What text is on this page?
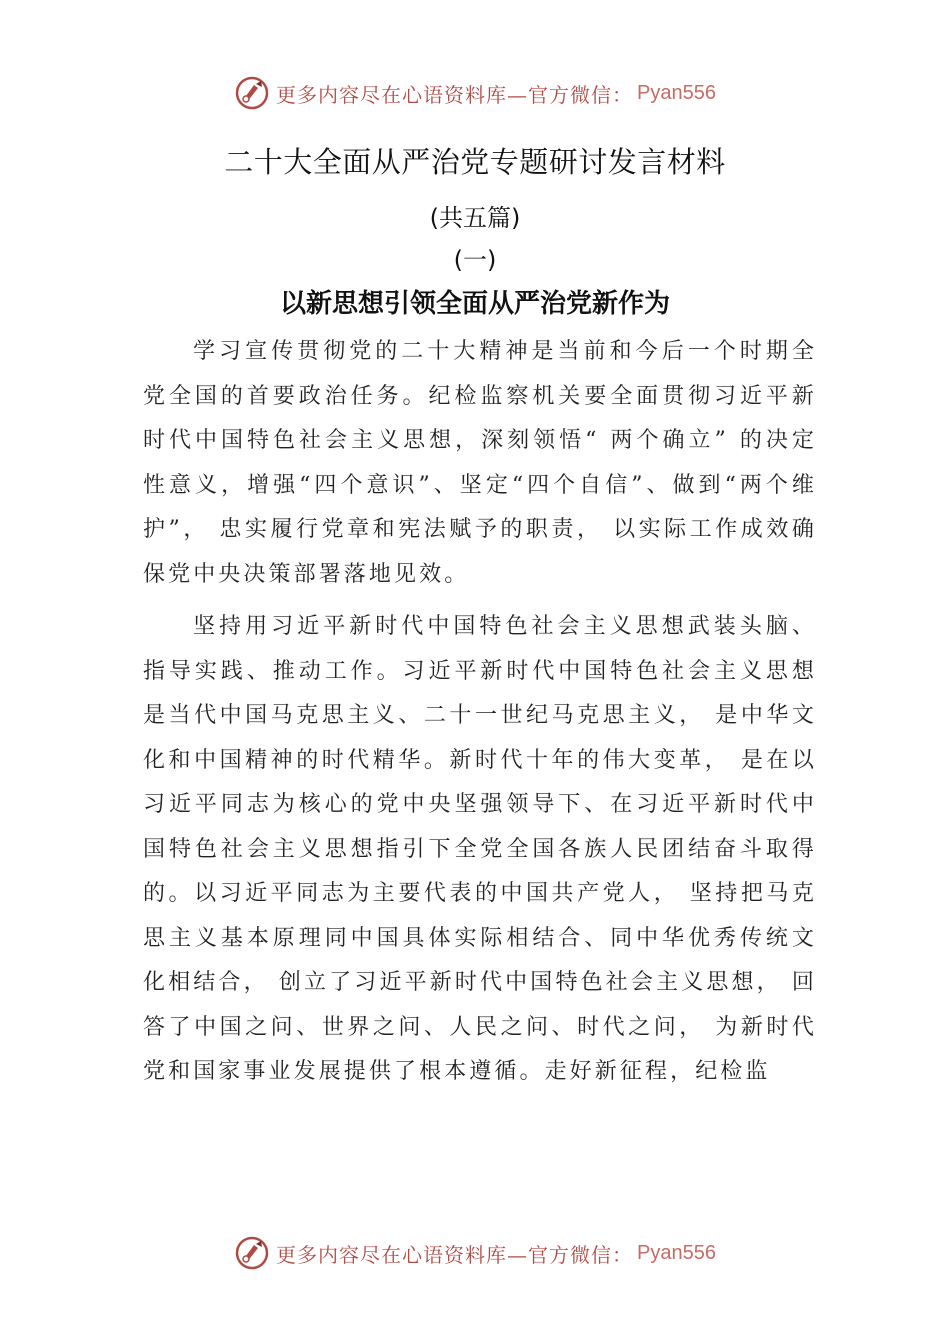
更多内容尽在心语资料库—官方微信： Pyan556
二十大全面从严治党专题研讨发言材料
(共五篇)
(一)
以新思想引领全面从严治党新作为

学习宣传贯彻党的二十大精神是当前和今后一个时期全党全国的首要政治任务。纪检监察机关要全面贯彻习近平新时代中国特色社会主义思想，深刻领悟“ 两个确立” 的决定性意义，增强“四个意识”、坚定“四个自信”、做到“两个维护”， 忠实履行党章和宪法赋予的职责， 以实际工作成效确保党中央决策部署落地见效。

坚持用习近平新时代中国特色社会主义思想武装头脑、指导实践、推动工作。习近平新时代中国特色社会主义思想是当代中国马克思主义、二十一世纪马克思主义， 是中华文化和中国精神的时代精华。新时代十年的伟大变革， 是在以习近平同志为核心的党中央坚强领导下、在习近平新时代中国特色社会主义思想指引下全党全国各族人民团结奋斗取得的。以习近平同志为主要代表的中国共产党人， 坚持把马克思主义基本原理同中国具体实际相结合、同中华优秀传统文化相结合， 创立了习近平新时代中国特色社会主义思想， 回答了中国之问、世界之问、人民之问、时代之问， 为新时代党和国家事业发展提供了根本遵循。走好新征程，纪检监

更多内容尽在心语资料库—官方微信： Pyan556
